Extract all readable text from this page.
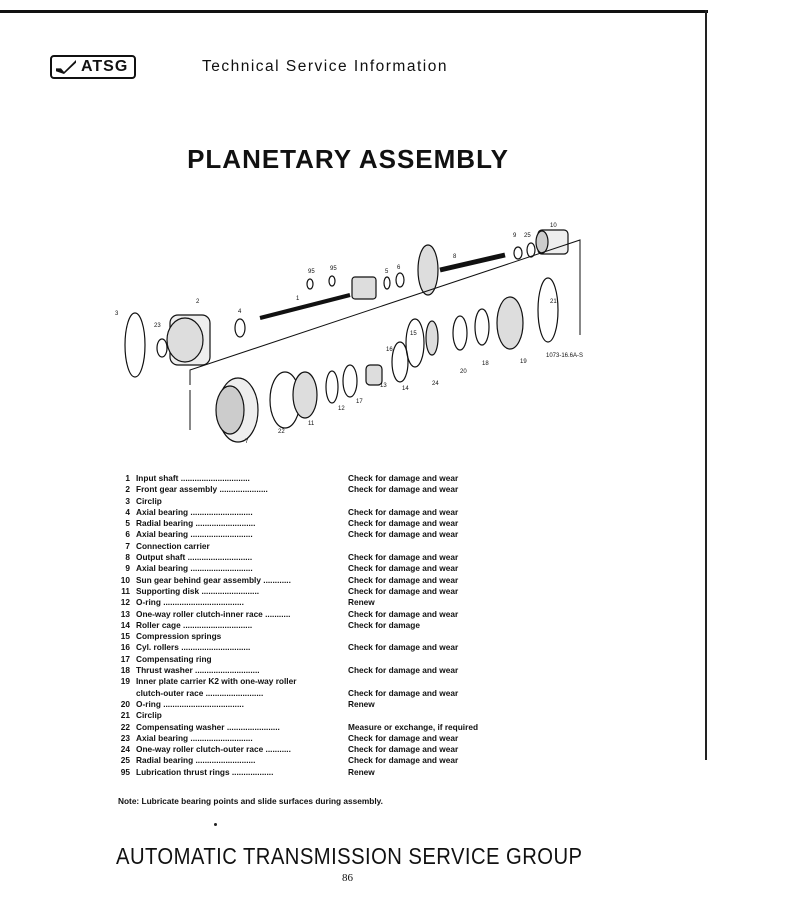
ATSG	Technical Service Information
PLANETARY ASSEMBLY
3
23
2
4
1
95	95	5
6
8
9 25
10
21
1073-16.6A-S
19
18
20
24
15
16
13	14
17
12
11
22
7
1 Input shaft ..............................	Check for damage and wear
2 Front gear assembly .....................	Check for damage and wear
3 Circlip
4 Axial bearing ...........................	Check for damage and wear
5 Radial bearing ..........................	Check for damage and wear
6 Axial bearing ...........................	Check for damage and wear
7 Connection carrier
8 Output shaft ............................	Check for damage and wear
9 Axial bearing ...........................	Check for damage and wear
10 Sun gear behind gear assembly ............	Check for damage and wear
11 Supporting disk .........................	Check for damage and wear
12 O-ring ...................................	Renew
13 One-way roller clutch-inner race ...........	Check for damage and wear
14 Roller cage ..............................	Check for damage
15 Compression springs
16 Cyl. rollers ..............................	Check for damage and wear
17 Compensating ring
18 Thrust washer ............................	Check for damage and wear
19 Inner plate carrier K2 with one-way roller
clutch-outer race .........................	Check for damage and wear
20 O-ring ...................................	Renew
21 Circlip
22 Compensating washer .......................	Measure or exchange, if required
23 Axial bearing ...........................	Check for damage and wear
24 One-way roller clutch-outer race ...........	Check for damage and wear
25 Radial bearing ..........................	Check for damage and wear
95 Lubrication thrust rings ..................	Renew
Note: Lubricate bearing points and slide surfaces during assembly.
AUTOMATIC TRANSMISSION SERVICE GROUP
86
